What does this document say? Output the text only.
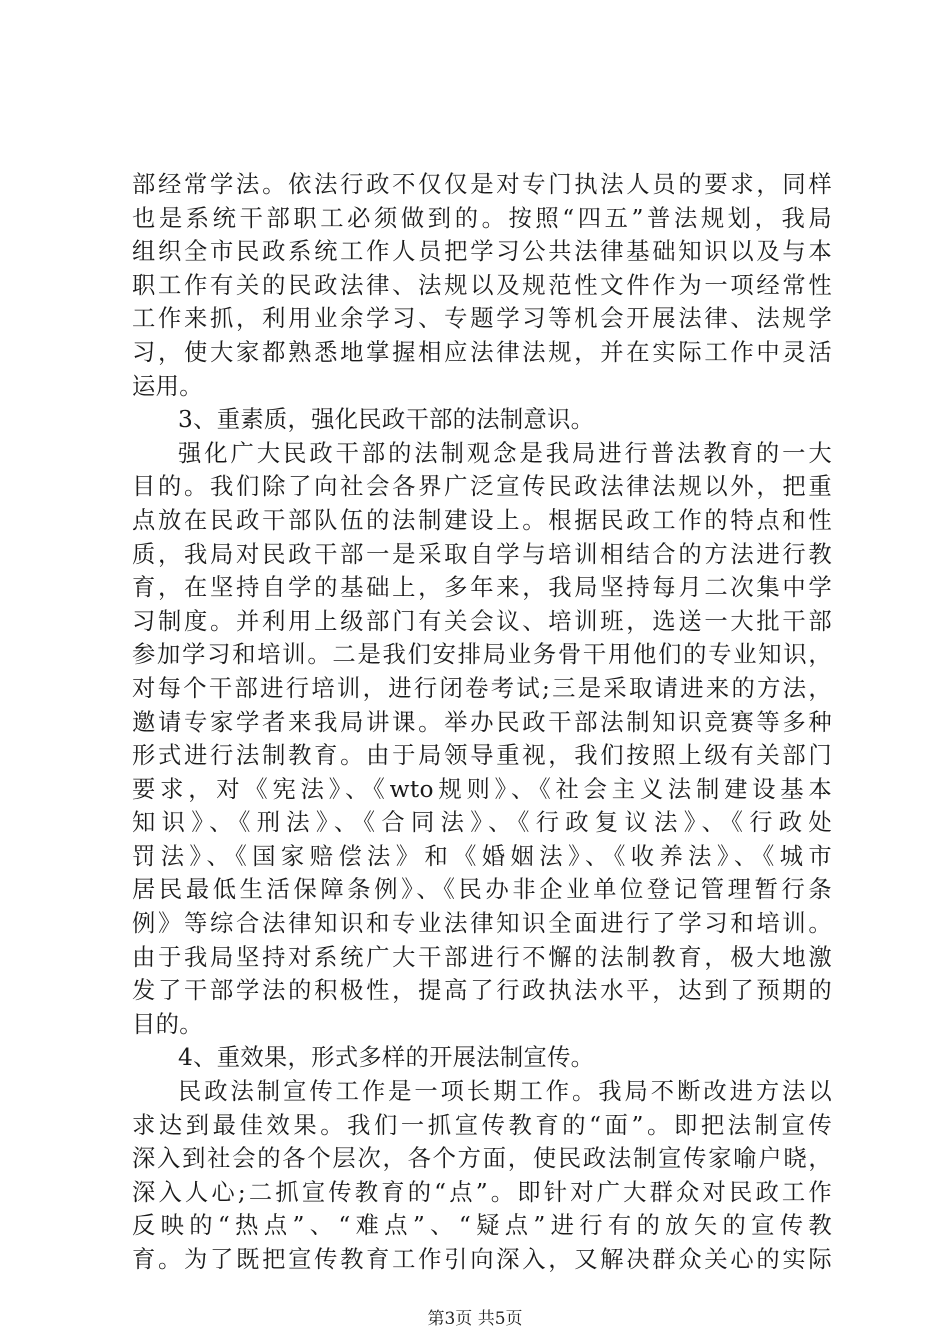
部经常学法。依法行政不仅仅是对专门执法人员的要求，同样
也是系统干部职工必须做到的。按照“四五”普法规划，我局
组织全市民政系统工作人员把学习公共法律基础知识以及与本
职工作有关的民政法律、法规以及规范性文件作为一项经常性
工作来抓，利用业余学习、专题学习等机会开展法律、法规学
习，使大家都熟悉地掌握相应法律法规，并在实际工作中灵活
运用。
3、重素质，强化民政干部的法制意识。
强化广大民政干部的法制观念是我局进行普法教育的一大
目的。我们除了向社会各界广泛宣传民政法律法规以外，把重
点放在民政干部队伍的法制建设上。根据民政工作的特点和性
质，我局对民政干部一是采取自学与培训相结合的方法进行教
育，在坚持自学的基础上，多年来，我局坚持每月二次集中学
习制度。并利用上级部门有关会议、培训班，选送一大批干部
参加学习和培训。二是我们安排局业务骨干用他们的专业知识，
对每个干部进行培训，进行闭卷考试;三是采取请进来的方法，
邀请专家学者来我局讲课。举办民政干部法制知识竞赛等多种
形式进行法制教育。由于局领导重视，我们按照上级有关部门
要求，对《宪法》、《wto规则》、《社会主义法制建设基本
知识》、《刑法》、《合同法》、《行政复议法》、《行政处
罚法》、《国家赔偿法》和《婚姻法》、《收养法》、《城市
居民最低生活保障条例》、《民办非企业单位登记管理暂行条
例》等综合法律知识和专业法律知识全面进行了学习和培训。
由于我局坚持对系统广大干部进行不懈的法制教育，极大地激
发了干部学法的积极性，提高了行政执法水平，达到了预期的
目的。
4、重效果，形式多样的开展法制宣传。
民政法制宣传工作是一项长期工作。我局不断改进方法以
求达到最佳效果。我们一抓宣传教育的“面”。即把法制宣传
深入到社会的各个层次，各个方面，使民政法制宣传家喻户晓，
深入人心;二抓宣传教育的“点”。即针对广大群众对民政工作
反映的“热点”、“难点”、“疑点”进行有的放矢的宣传教
育。为了既把宣传教育工作引向深入，又解决群众关心的实际
第3页 共5页
